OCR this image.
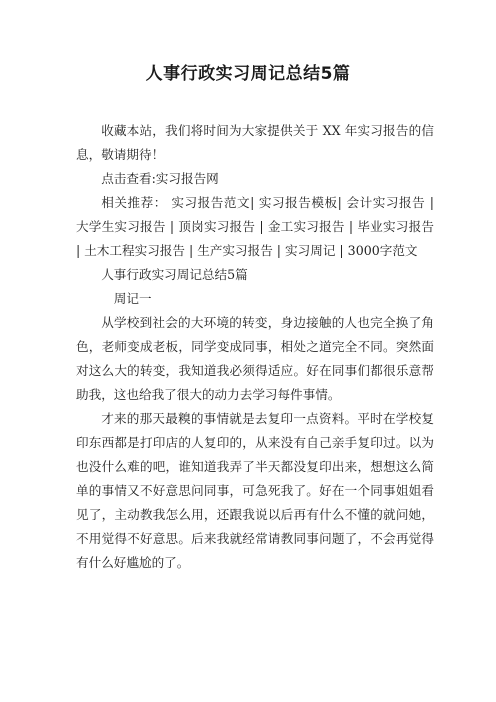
人事行政实习周记总结5篇

收藏本站，我们将时间为大家提供关于 XX 年实习报告的信息，敬请期待！

点击查看:实习报告网

相关推荐： 实习报告范文| 实习报告模板| 会计实习报告 | 大学生实习报告 | 顶岗实习报告 | 金工实习报告 | 毕业实习报告 | 土木工程实习报告 | 生产实习报告 | 实习周记 | 3000字范文

人事行政实习周记总结5篇

周记一

从学校到社会的大环境的转变，身边接触的人也完全换了角色，老师变成老板，同学变成同事，相处之道完全不同。突然面对这么大的转变，我知道我必须得适应。好在同事们都很乐意帮助我，这也给我了很大的动力去学习每件事情。

才来的那天最糗的事情就是去复印一点资料。平时在学校复印东西都是打印店的人复印的，从来没有自己亲手复印过。以为也没什么难的吧，谁知道我弄了半天都没复印出来，想想这么简单的事情又不好意思问同事，可急死我了。好在一个同事姐姐看见了，主动教我怎么用，还跟我说以后再有什么不懂的就问她，不用觉得不好意思。后来我就经常请教同事问题了，不会再觉得有什么好尴尬的了。
